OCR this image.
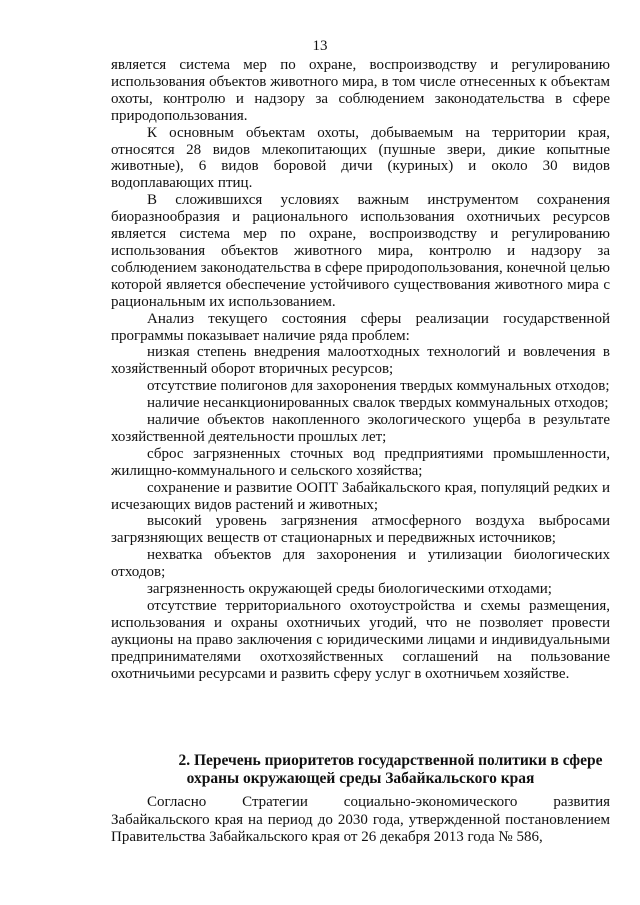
13

является система мер по охране, воспроизводству и регулированию использования объектов животного мира, в том числе отнесенных к объектам охоты, контролю и надзору за соблюдением законодательства в сфере природопользования.

К основным объектам охоты, добываемым на территории края, относятся 28 видов млекопитающих (пушные звери, дикие копытные животные), 6 видов боровой дичи (куриных) и около 30 видов водоплавающих птиц.

В сложившихся условиях важным инструментом сохранения биоразнообразия и рационального использования охотничьих ресурсов является система мер по охране, воспроизводству и регулированию использования объектов животного мира, контролю и надзору за соблюдением законодательства в сфере природопользования, конечной целью которой является обеспечение устойчивого существования животного мира с рациональным их использованием.

Анализ текущего состояния сферы реализации государственной программы показывает наличие ряда проблем:

низкая степень внедрения малоотходных технологий и вовлечения в хозяйственный оборот вторичных ресурсов;

отсутствие полигонов для захоронения твердых коммунальных отходов;

наличие несанкционированных свалок твердых коммунальных отходов;

наличие объектов накопленного экологического ущерба в результате хозяйственной деятельности прошлых лет;

сброс загрязненных сточных вод предприятиями промышленности, жилищно-коммунального и сельского хозяйства;

сохранение и развитие ООПТ Забайкальского края, популяций редких и исчезающих видов растений и животных;

высокий уровень загрязнения атмосферного воздуха выбросами загрязняющих веществ от стационарных и передвижных источников;

нехватка объектов для захоронения и утилизации биологических отходов;

загрязненность окружающей среды биологическими отходами;

отсутствие территориального охотоустройства и схемы размещения, использования и охраны охотничьих угодий, что не позволяет провести аукционы на право заключения с юридическими лицами и индивидуальными предпринимателями охотхозяйственных соглашений на пользование охотничьими ресурсами и развить сферу услуг в охотничьем хозяйстве.

2. Перечень приоритетов государственной политики в сфере
охраны окружающей среды Забайкальского края

Согласно Стратегии социально-экономического развития Забайкальского края на период до 2030 года, утвержденной постановлением Правительства Забайкальского края от 26 декабря 2013 года № 586,
